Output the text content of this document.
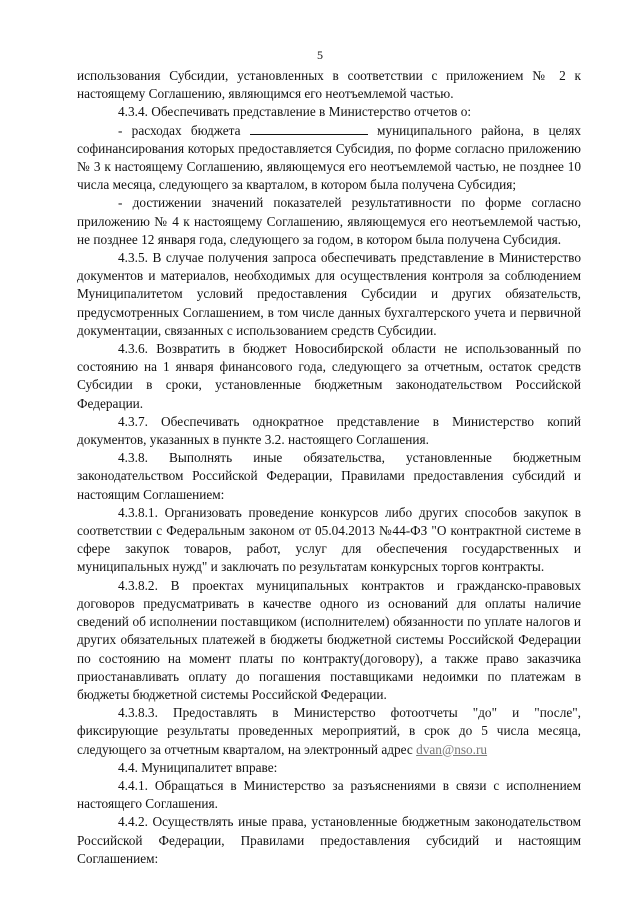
5

использования Субсидии, установленных в соответствии с приложением № 2 к настоящему Соглашению, являющимся его неотъемлемой частью.

4.3.4. Обеспечивать представление в Министерство отчетов о:

- расходах бюджета	муниципального района, в целях софинансирования которых предоставляется Субсидия, по форме согласно приложению № 3 к настоящему Соглашению, являющемуся его неотъемлемой частью, не позднее 10 числа месяца, следующего за кварталом, в котором была получена Субсидия;

- достижении значений показателей результативности по форме согласно приложению № 4 к настоящему Соглашению, являющемуся его неотъемлемой частью, не позднее 12 января года, следующего за годом, в котором была получена Субсидия.

4.3.5. В случае получения запроса обеспечивать представление в Министерство документов и материалов, необходимых для осуществления контроля за соблюдением Муниципалитетом условий предоставления Субсидии и других обязательств, предусмотренных Соглашением, в том числе данных бухгалтерского учета и первичной документации, связанных с использованием средств Субсидии.

4.3.6. Возвратить в бюджет Новосибирской области не использованный по состоянию на 1 января финансового года, следующего за отчетным, остаток средств Субсидии в сроки, установленные бюджетным законодательством Российской Федерации.

4.3.7. Обеспечивать однократное представление в Министерство копий документов, указанных в пункте 3.2. настоящего Соглашения.

4.3.8. Выполнять иные обязательства, установленные бюджетным законодательством Российской Федерации, Правилами предоставления субсидий и настоящим Соглашением:

4.3.8.1. Организовать проведение конкурсов либо других способов закупок в соответствии с Федеральным законом от 05.04.2013 №44-ФЗ "О контрактной системе в сфере закупок товаров, работ, услуг для обеспечения государственных и муниципальных нужд" и заключать по результатам конкурсных торгов контракты.

4.3.8.2. В проектах муниципальных контрактов и гражданско-правовых договоров предусматривать в качестве одного из оснований для оплаты наличие сведений об исполнении поставщиком (исполнителем) обязанности по уплате налогов и других обязательных платежей в бюджеты бюджетной системы Российской Федерации по состоянию на момент платы по контракту(договору), а также право заказчика приостанавливать оплату до погашения поставщиками недоимки по платежам в бюджеты бюджетной системы Российской Федерации.

4.3.8.3. Предоставлять в Министерство фотоотчеты "до" и "после", фиксирующие результаты проведенных мероприятий, в срок до 5 числа месяца, следующего за отчетным кварталом, на электронный адрес dvan@nso.ru

4.4. Муниципалитет вправе:

4.4.1. Обращаться в Министерство за разъяснениями в связи с исполнением настоящего Соглашения.

4.4.2. Осуществлять иные права, установленные бюджетным законодательством Российской Федерации, Правилами предоставления субсидий и настоящим Соглашением:
